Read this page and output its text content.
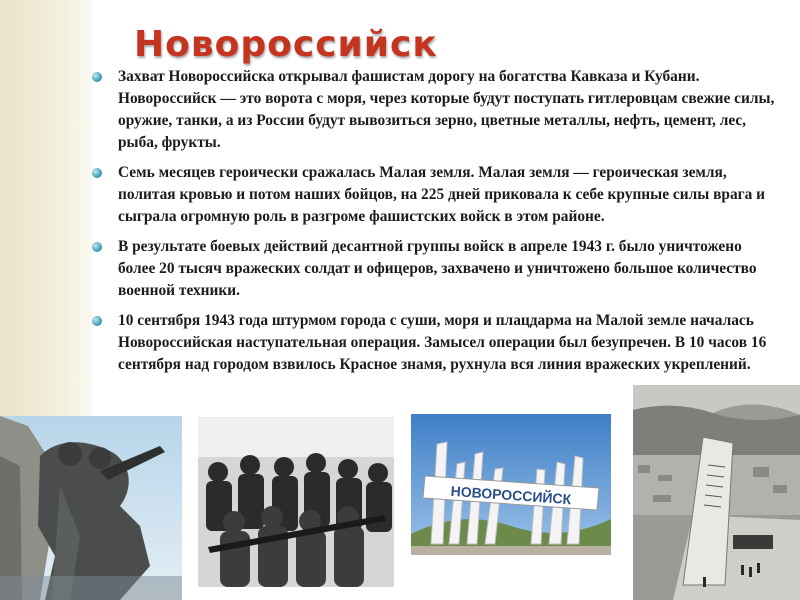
Новороссийск
Захват Новороссийска открывал фашистам дорогу на богатства Кавказа и Кубани. Новороссийск — это ворота с моря, через которые будут поступать гитлеровцам свежие силы, оружие, танки, а из России будут вывозиться зерно, цветные металлы, нефть, цемент, лес, рыба, фрукты.
Семь месяцев героически сражалась Малая земля. Малая земля — героическая земля, политая кровью и потом наших бойцов, на 225 дней приковала к себе крупные силы врага и сыграла огромную роль в разгроме фашистских войск в этом районе.
В результате боевых действий десантной группы войск в апреле 1943 г. было уничтожено более 20 тысяч вражеских солдат и офицеров, захвачено и уничтожено большое количество военной техники.
10 сентября 1943 года штурмом города с суши, моря и плацдарма на Малой земле началась Новороссийская наступательная операция. Замысел операции был безупречен. В 10 часов 16 сентября над городом взвилось Красное знамя, рухнула вся линия вражеских укреплений.
НОВОРОССИЙСК
